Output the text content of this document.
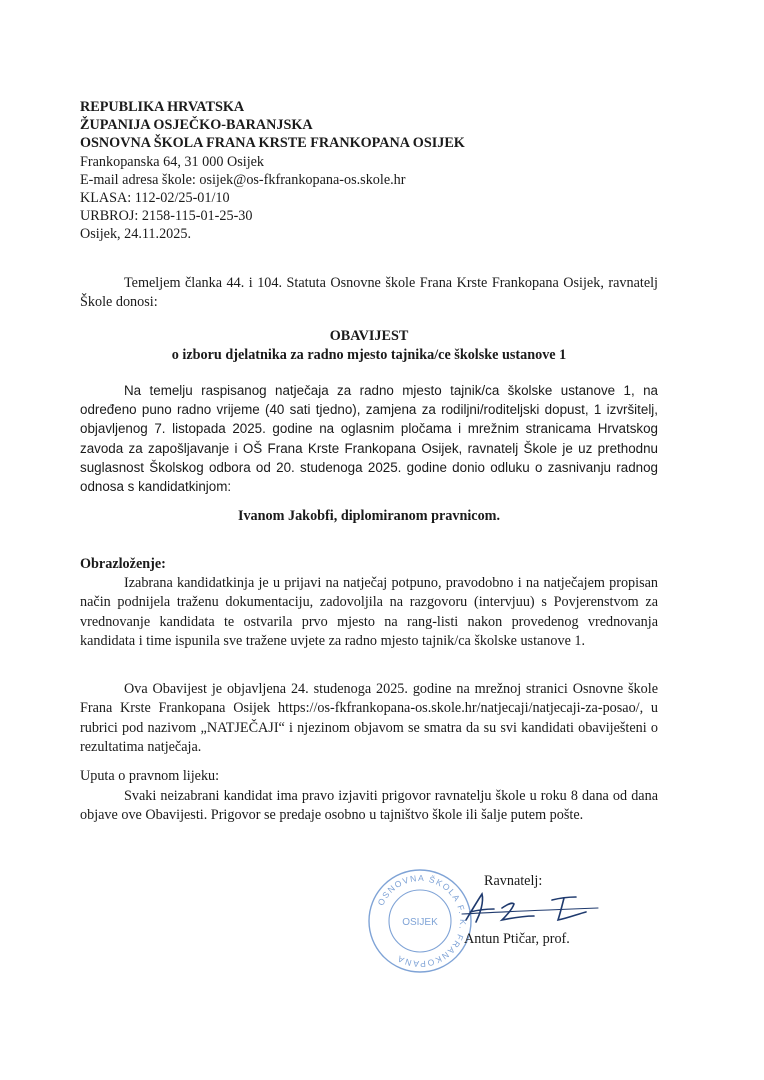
REPUBLIKA HRVATSKA
ŽUPANIJA OSJEČKO-BARANJSKA
OSNOVNA ŠKOLA FRANA KRSTE FRANKOPANA OSIJEK
Frankopanska 64, 31 000 Osijek
E-mail adresa škole: osijek@os-fkfrankopana-os.skole.hr
KLASA: 112-02/25-01/10
URBROJ: 2158-115-01-25-30
Osijek, 24.11.2025.
Temeljem članka 44. i 104. Statuta Osnovne škole Frana Krste Frankopana Osijek, ravnatelj Škole donosi:
OBAVIJEST
o izboru djelatnika za radno mjesto tajnika/ce školske ustanove 1
Na temelju raspisanog natječaja za radno mjesto tajnik/ca školske ustanove 1, na određeno puno radno vrijeme (40 sati tjedno), zamjena za rodiljni/roditeljski dopust, 1 izvršitelj, objavljenog 7. listopada 2025. godine na oglasnim pločama i mrežnim stranicama Hrvatskog zavoda za zapošljavanje i OŠ Frana Krste Frankopana Osijek, ravnatelj Škole je uz prethodnu suglasnost Školskog odbora od 20. studenoga 2025. godine donio odluku o zasnivanju radnog odnosa s kandidatkinjom:
Ivanom Jakobfi, diplomiranom pravnicom.
Obrazloženje:
Izabrana kandidatkinja je u prijavi na natječaj potpuno, pravodobno i na natječajem propisan način podnijela traženu dokumentaciju, zadovoljila na razgovoru (intervjuu) s Povjerenstvom za vrednovanje kandidata te ostvarila prvo mjesto na rang-listi nakon provedenog vrednovanja kandidata i time ispunila sve tražene uvjete za radno mjesto tajnik/ca školske ustanove 1.
Ova Obavijest je objavljena 24. studenoga 2025. godine na mrežnoj stranici Osnovne škole Frana Krste Frankopana Osijek https://os-fkfrankopana-os.skole.hr/natjecaji/natjecaji-za-posao/, u rubrici pod nazivom „NATJEČAJI“ i njezinom objavom se smatra da su svi kandidati obaviješteni o rezultatima natječaja.
Uputa o pravnom lijeku:
Svaki neizabrani kandidat ima pravo izjaviti prigovor ravnatelju škole u roku 8 dana od dana objave ove Obavijesti. Prigovor se predaje osobno u tajništvo škole ili šalje putem pošte.
Ravnatelj:
OSNOVNA ŠKOLA F. K. FRANKOPANA
OSIJEK
Antun Ptičar, prof.
